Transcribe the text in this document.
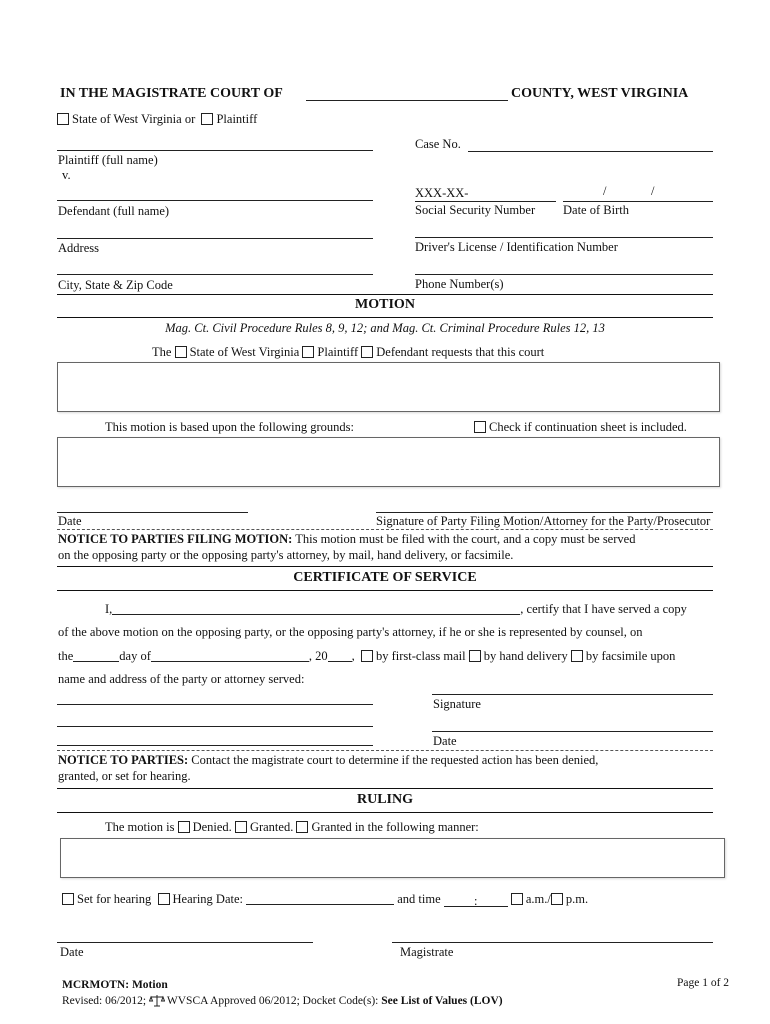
IN THE MAGISTRATE COURT OF	COUNTY, WEST VIRGINIA
State of West Virginia or Plaintiff
Plaintiff (full name)
v.
Defendant (full name)
Address
City, State & Zip Code
Case No.
XXX-XX-	/	/
Social Security Number Date of Birth
Driver's License / Identification Number
Phone Number(s)
MOTION
Mag. Ct. Civil Procedure Rules 8, 9, 12; and Mag. Ct. Criminal Procedure Rules 12, 13
The State of West Virginia Plaintiff Defendant requests that this court
This motion is based upon the following grounds:	Check if continuation sheet is included.
Date	Signature of Party Filing Motion/Attorney for the Party/Prosecutor
NOTICE TO PARTIES FILING MOTION: This motion must be filed with the court, and a copy must be served
on the opposing party or the opposing party's attorney, by mail, hand delivery, or facsimile.
CERTIFICATE OF SERVICE
I,	, certify that I have served a copy
of the above motion on the opposing party, or the opposing party's attorney, if he or she is represented by counsel, on
the	day of	, 20 , by first-class mail by hand delivery by facsimile upon
name and address of the party or attorney served:
Signature
Date
NOTICE TO PARTIES: Contact the magistrate court to determine if the requested action has been denied,
granted, or set for hearing.
RULING
The motion is Denied. Granted. Granted in the following manner:
Set for hearing Hearing Date:	and time	:	a.m./ p.m.
Date	Magistrate
MCRMOTN: Motion	Page 1 of 2
Revised: 06/2012; WVSCA Approved 06/2012; Docket Code(s): See List of Values (LOV)
